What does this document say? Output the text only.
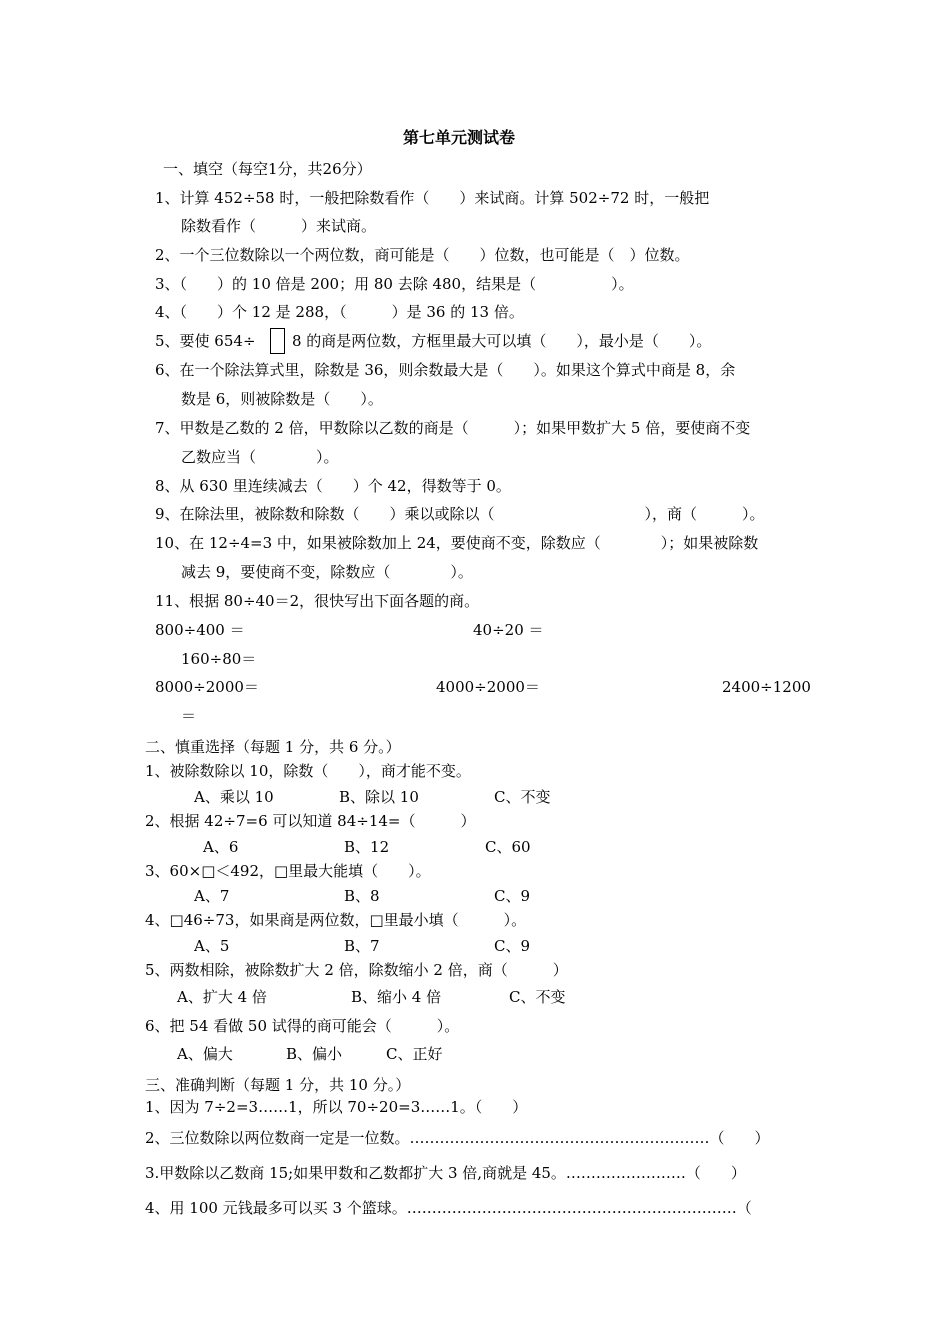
第七单元测试卷
一、填空（每空1分，共26分）
1、计算 452÷58 时，一般把除数看作（　　）来试商。计算 502÷72 时，一般把
除数看作（　　　）来试商。
2、一个三位数除以一个两位数，商可能是（　　）位数，也可能是（　）位数。
3、（　　）的 10 倍是 200；用 80 去除 480，结果是（　　　　　）。
4、（　　）个 12 是 288，（　　　）是 36 的 13 倍。
5、要使 654÷ 8 的商是两位数，方框里最大可以填（　　），最小是（　　）。
6、在一个除法算式里，除数是 36，则余数最大是（　　）。如果这个算式中商是 8，余
数是 6，则被除数是（　　）。
7、甲数是乙数的 2 倍，甲数除以乙数的商是（　　　）；如果甲数扩大 5 倍，要使商不变
乙数应当（　　　　）。
8、从 630 里连续减去（　　）个 42，得数等于 0。
9、在除法里，被除数和除数（　　）乘以或除以（　　　　　　　　　　），商（　　　）。
10、在 12÷4=3 中，如果被除数加上 24，要使商不变，除数应（　　　　）；如果被除数
减去 9，要使商不变，除数应（　　　　）。
11、根据 80÷40＝2，很快写出下面各题的商。
800÷400 ＝	40÷20 ＝
160÷80＝
8000÷2000＝	4000÷2000＝	2400÷1200
＝
二、慎重选择（每题 1 分，共 6 分。）
1、被除数除以 10，除数（　　），商才能不变。
A、乘以 10	B、除以 10	C、不变
2、根据 42÷7=6 可以知道 84÷14=（　　　）
A、6	B、12	C、60
3、60×□＜492，□里最大能填（　　）。
A、7	B、8	C、9
4、□46÷73，如果商是两位数，□里最小填（　　　）。
A、5	B、7	C、9
5、两数相除，被除数扩大 2 倍，除数缩小 2 倍，商（　　　）
A、扩大 4 倍	B、缩小 4 倍	C、不变
6、把 54 看做 50 试得的商可能会（　　　）。
A、偏大	B、偏小	C、正好
三、准确判断（每题 1 分，共 10 分。）
1、因为 7÷2=3……1，所以 70÷20=3……1。（　　）
2、三位数除以两位数商一定是一位数。……………………………………………………（　　）
3.甲数除以乙数商 15;如果甲数和乙数都扩大 3 倍,商就是 45。……………………（　　）
4、用 100 元钱最多可以买 3 个篮球。…………………………………………………………（
